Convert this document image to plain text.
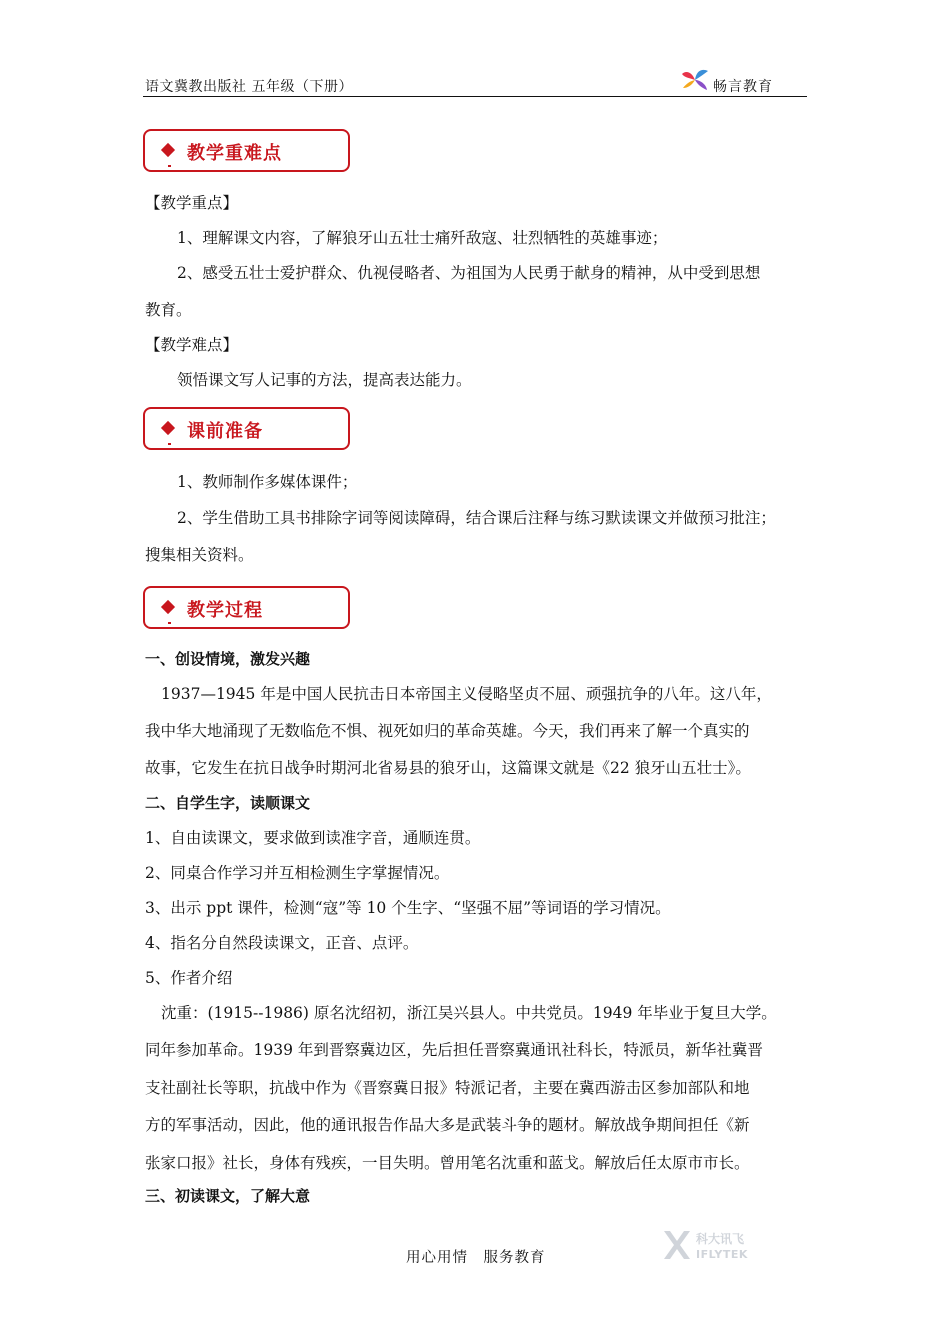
语文冀教出版社 五年级（下册）	畅言教育
教学重难点
【教学重点】
1、理解课文内容，了解狼牙山五壮士痛歼敌寇、壮烈牺牲的英雄事迹；
2、感受五壮士爱护群众、仇视侵略者、为祖国为人民勇于献身的精神，从中受到思想
教育。
【教学难点】
领悟课文写人记事的方法，提高表达能力。
课前准备
1、教师制作多媒体课件；
2、学生借助工具书排除字词等阅读障碍，结合课后注释与练习默读课文并做预习批注；
搜集相关资料。
教学过程
一、创设情境，激发兴趣
1937—1945 年是中国人民抗击日本帝国主义侵略坚贞不屈、顽强抗争的八年。这八年，
我中华大地涌现了无数临危不惧、视死如归的革命英雄。今天，我们再来了解一个真实的
故事，它发生在抗日战争时期河北省易县的狼牙山，这篇课文就是《22 狼牙山五壮士》。
二、自学生字，读顺课文
1、自由读课文，要求做到读准字音，通顺连贯。
2、同桌合作学习并互相检测生字掌握情况。
3、出示 ppt 课件，检测“寇”等 10 个生字、“坚强不屈”等词语的学习情况。
4、指名分自然段读课文，正音、点评。
5、作者介绍
沈重：(1915--1986) 原名沈绍初，浙江吴兴县人。中共党员。1949 年毕业于复旦大学。
同年参加革命。1939 年到晋察冀边区，先后担任晋察冀通讯社科长，特派员，新华社冀晋
支社副社长等职，抗战中作为《晋察冀日报》特派记者，主要在冀西游击区参加部队和地
方的军事活动，因此，他的通讯报告作品大多是武装斗争的题材。解放战争期间担任《新
张家口报》社长，身体有残疾，一目失明。曾用笔名沈重和蓝戈。解放后任太原市市长。
三、初读课文，了解大意
用心用情　服务教育
科大讯飞
IFLYTEK
